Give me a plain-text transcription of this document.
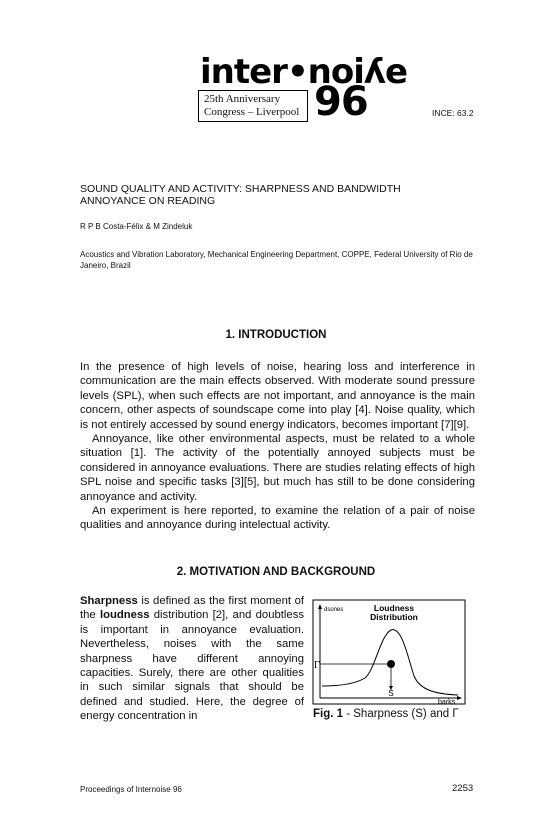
inter•noiʎe
25th Anniversary
Congress – Liverpool 96	INCE: 63.2
SOUND QUALITY AND ACTIVITY: SHARPNESS AND BANDWIDTH ANNOYANCE ON READING
R P B Costa-Félix & M Zindeluk
Acoustics and Vibration Laboratory, Mechanical Engineering Department, COPPE, Federal University of Rio de Janeiro, Brazil
1. INTRODUCTION

In the presence of high levels of noise, hearing loss and interference in communication are the main effects observed. With moderate sound pressure levels (SPL), when such effects are not important, and annoyance is the main concern, other aspects of soundscape come into play [4]. Noise quality, which is not entirely accessed by sound energy indicators, becomes important [7][9].

Annoyance, like other environmental aspects, must be related to a whole situation [1]. The activity of the potentially annoyed subjects must be considered in annoyance evaluations. There are studies relating effects of high SPL noise and specific tasks [3][5], but much has still to be done considering annoyance and activity.

An experiment is here reported, to examine the relation of a pair of noise qualities and annoyance during intelectual activity.

2. MOTIVATION AND BACKGROUND

Sharpness is defined as the first moment of the loudness distribution [2], and doubtless is important in annoyance evaluation. Nevertheless, noises with the same sharpness have different annoying capacities. Surely, there are other qualities in such similar signals that should be defined and studied. Here, the degree of energy concentration in

dsones	Loudness
Distribution
Γ
S
barks
Fig. 1 - Sharpness (S) and Γ
Proceedings of Internoise 96	2253
